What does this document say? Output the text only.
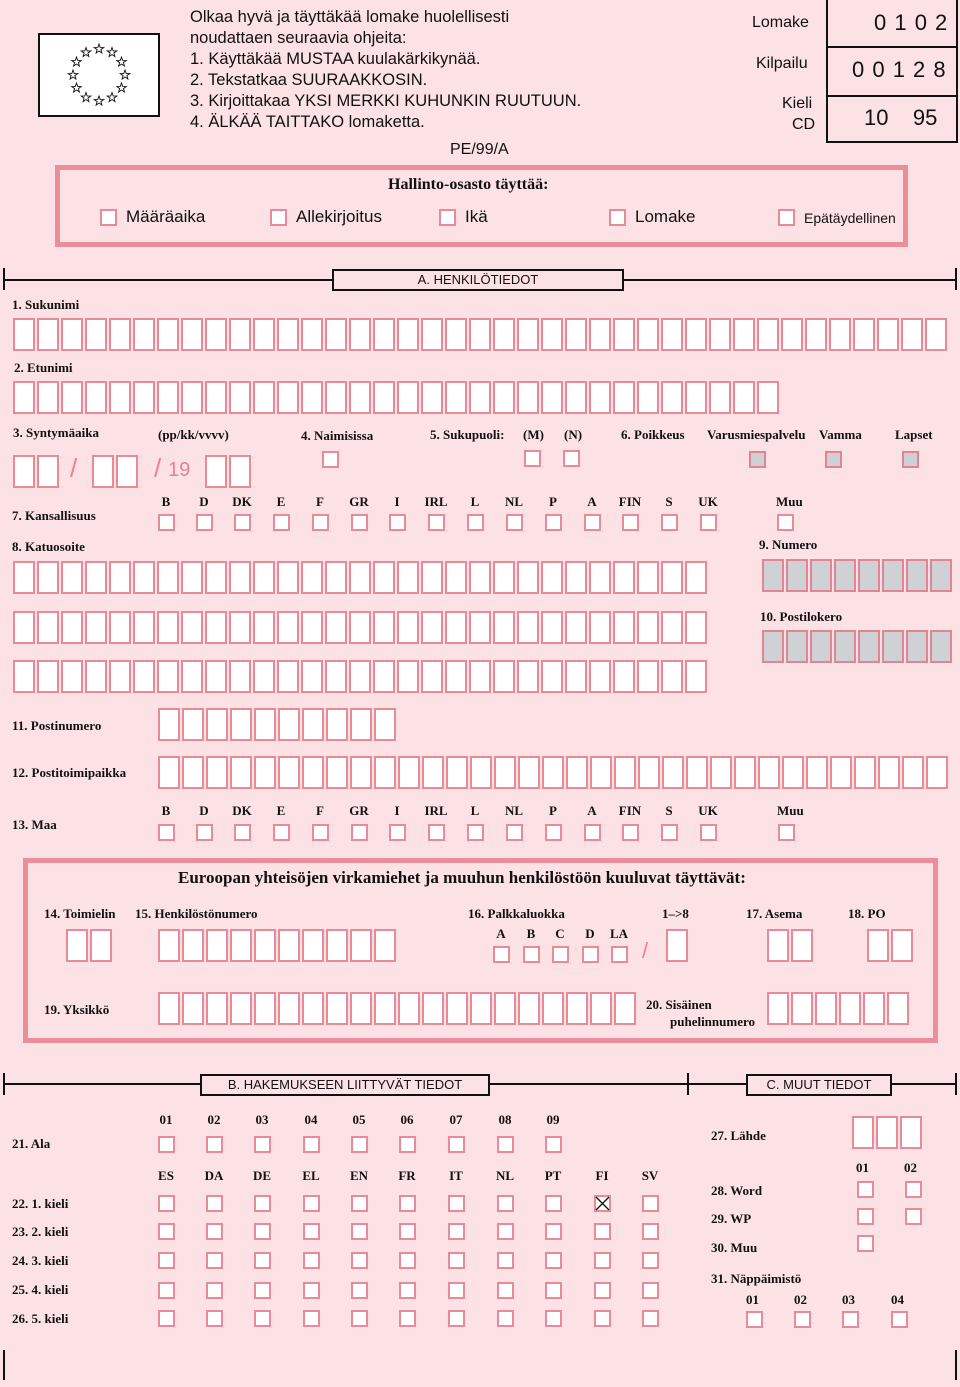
Olkaa hyvä ja täyttäkää lomake huolellisesti
noudattaen seuraavia ohjeita:
1. Käyttäkää MUSTAA kuulakärkikynää.
2. Tekstatkaa SUURAAKKOSIN.
3. Kirjoittakaa YKSI MERKKI KUHUNKIN RUUTUUN.
4. ÄLKÄÄ TAITTAKO lomaketta.
PE/99/A
Lomake
Kilpailu
Kieli
CD
0 1 0 2
0 0 1 2 8
10    95
Hallinto-osasto täyttää:
Määräaika	Allekirjoitus	Ikä	Lomake	Epätäydellinen
A. HENKILÖTIEDOT
1. Sukunimi
2. Etunimi
3. Syntymäaika	(pp/kk/vvvv)
/	/ 19
4. Naimisissa	5. Sukupuoli: (M) (N)	6. Poikkeus Varusmiespalvelu Vamma	Lapset
7. Kansallisuus
B	D	DK	E	F	GR	I	IRL	L	NL	P	A	FIN	S	UK	Muu
8. Katuosoite	9. Numero
10. Postilokero
11. Postinumero
12. Postitoimipaikka
13. Maa
B	D	DK	E	F	GR	I	IRL	L	NL	P	A	FIN	S	UK	Muu
Euroopan yhteisöjen virkamiehet ja muuhun henkilöstöön kuuluvat täyttävät:
14. Toimielin 15. Henkilöstönumero	16. Palkkaluokka
A	B	C	D	LA
/
1–>8	17. Asema	18. PO
19. Yksikkö	20. Sisäinen
puhelinnumero
B. HAKEMUKSEEN LIITTYVÄT TIEDOT	C. MUUT TIEDOT
21. Ala
01	02	03	04	05	06	07	08	09
ES	DA	DE	EL	EN	FR	IT	NL	PT	FI	SV
22. 1. kieli
23. 2. kieli
24. 3. kieli
25. 4. kieli
26. 5. kieli
27. Lähde
01	02
28. Word
29. WP
30. Muu
31. Näppäimistö
01	02	03	04
